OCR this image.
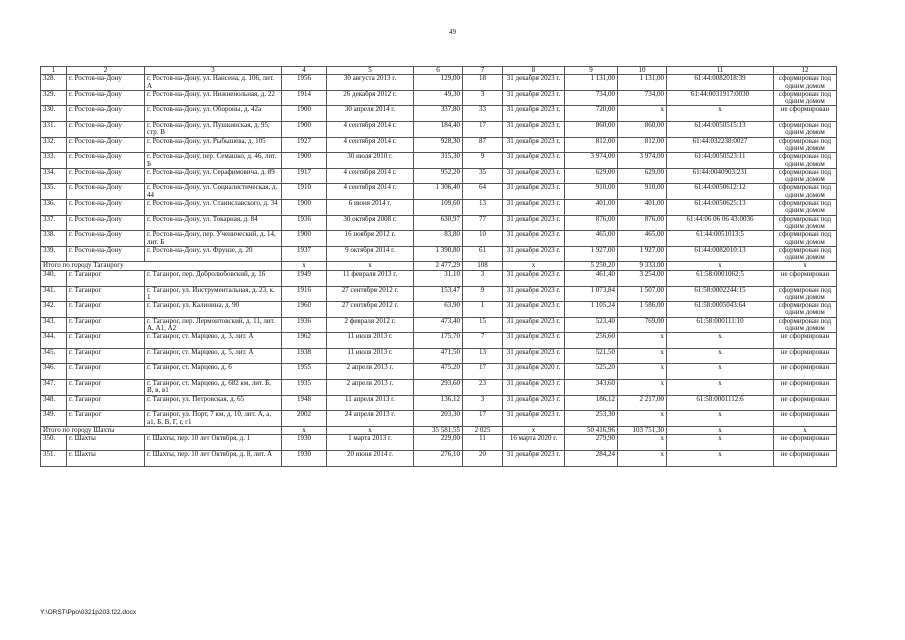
49
1	2	3	4	5	6	7	8	9	10	11	12
328.	г. Ростов-на-Дону	г. Ростов-на-Дону, ул. Нансена, д. 106, лит. А	1956	30 августа 2013 г.	129,00	18	31 декабря 2023 г.	1 131,00	1 131,00	61:44:0082018:39	сформирован под одним домом
329.	г. Ростов-на-Дону	г. Ростов-на-Дону, ул. Нижненольная, д. 22	1914	26 декабря 2012 г.	49,30	3	31 декабря 2023 г.	734,00	734,00	61:44:0031917:0030	сформирован под одним домом
330.	г. Ростов-на-Дону	г. Ростов-на-Дону, ул. Обороны, д. 42а	1900	30 апреля 2014 г.	337,80	33	31 декабря 2023 г.	720,00	х	х	не сформирован
331.	г. Ростов-на-Дону	г. Ростов-на-Дону, ул. Пушкинская, д. 95, стр. В	1900	4 сентября 2014 г.	184,40	17	31 декабря 2023 г.	860,00	860,00	61:44:0050515:13	сформирован под одним домом
332.	г. Ростов-на-Дону	г. Ростов-на-Дону, ул. Рыбышева, д. 105	1927	4 сентября 2014 г.	928,30	87	31 декабря 2023 г.	812,00	812,00	61:44:032238:0027	сформирован под одним домом
333.	г. Ростов-на-Дону	г. Ростов-на-Дону, пер. Семашко, д. 46, лит. Б	1900	30 июля 2010 г.	315,30	9	31 декабря 2023 г.	3 974,00	3 974,00	61:44:0050523:11	сформирован под одним домом
334.	г. Ростов-на-Дону	г. Ростов-на-Дону, ул. Серафимовича, д. 89	1917	4 сентября 2014 г.	952,20	35	31 декабря 2023 г.	629,00	629,00	61:44:0040903:231	сформирован под одним домом
335.	г. Ростов-на-Дону	г. Ростов-на-Дону, ул. Социалистическая, д. 44	1910	4 сентября 2014 г.	1 306,40	64	31 декабря 2023 г.	910,00	910,00	61:44:0050612:12	сформирован под одним домом
336.	г. Ростов-на-Дону	г. Ростов-на-Дону, ул. Станиславского, д. 34	1900	6 июня 2014 г.	109,60	13	31 декабря 2023 г.	401,00	401,00	61:44:0050625:13	сформирован под одним домом
337.	г. Ростов-на-Дону	г. Ростов-на-Дону, ул. Токарная, д. 84	1936	30 октября 2008 г.	630,97	77	31 декабря 2023 г.	876,00	876,00	61:44:06 06 06 43:0036	сформирован под одним домом
338.	г. Ростов-на-Дону	г. Ростов-на-Дону, пер. Ученический, д. 14, лит. Б	1900	16 ноября 2012 г.	83,80	10	31 декабря 2023 г.	465,00	465,00	61:44:0051013:5	сформирован под одним домом
339.	г. Ростов-на-Дону	г. Ростов-на-Дону, ул. Фрунзе, д. 20	1937	9 октября 2014 г.	1 390,80	61	31 декабря 2023 г.	1 927,00	1 927,00	61:44:0082010:13	сформирован под одним домом
Итого по городу Таганрогу			х	х	2 477,29	108	х	5 250,20	9 333,00	х	х
340.	г. Таганрог	г. Таганрог, пер. Добролюбовский, д. 16	1949	11 февраля 2013 г.	31,10	3	31 декабря 2023 г.	461,40	3 254,00	61:58:0001062:5	не сформирован
341.	г. Таганрог	г. Таганрог, ул. Инструментальная, д. 23, к. 1	1916	27 сентября 2012 г.	153,47	9	31 декабря 2023 г.	1 073,84	1 507,00	61:58:0002244:15	сформирован под одним домом
342.	г. Таганрог	г. Таганрог, ул. Калинина, д. 90	1960	27 сентября 2012 г.	63,90	1	31 декабря 2023 г.	1 105,24	1 586,00	61:58:0005043:64	сформирован под одним домом
343.	г. Таганрог	г. Таганрог, пер. Лермонтовский, д. 11, лит. А, А1, А2	1936	2 февраля 2012 г.	473,40	15	31 декабря 2023 г.	523,40	769,00	61:58:000111:10	сформирован под одним домом
344.	г. Таганрог	г. Таганрог, ст. Марцево, д. 3, лит. А	1962	11 июля 2013 г.	175,70	7	31 декабря 2023 г.	256,60	х	х	не сформирован
345.	г. Таганрог	г. Таганрог, ст. Марцево, д. 5, лит. А	1938	11 июля 2013 г.	471,50	13	31 декабря 2023 г.	521,50	х	х	не сформирован
346.	г. Таганрог	г. Таганрог, ст. Марцево, д. 6	1955	2 апреля 2013 г.	475,20	17	31 декабря 2020 г.	525,20	х	х	не сформирован
347.	г. Таганрог	г. Таганрог, ст. Марцево, д. 682 км, лит. Б, В, в, в1	1935	2 апреля 2013 г.	293,60	23	31 декабря 2023 г.	343,60	х	х	не сформирован
348.	г. Таганрог	г. Таганрог, ул. Петровская, д. 65	1948	11 апреля 2013 г.	136,12	3	31 декабря 2023 г.	186,12	2 217,00	61:58:0001112:6	не сформирован
349.	г. Таганрог	г. Таганрог, ул. Порт, 7 км, д. 10, лит. А, а, а1, Б, В, Г, г, г1	2002	24 апреля 2013 г.	203,30	17	31 декабря 2023 г.	253,30	х	х	не сформирован
Итого по городу Шахты			х	х	35 581,55	2 025	х	50 416,96	103 751,30	х	х
350.	г. Шахты	г. Шахты, пер. 10 лет Октября, д. 1	1930	1 марта 2013 г.	229,00	11	16 марта 2020 г.	279,90	х	х	не сформирован
351.	г. Шахты	г. Шахты, пер. 10 лет Октября, д. 8, лит. А	1930	20 июня 2014 г.	276,10	20	31 декабря 2023 г.	284,24	х	х	не сформирован
Y:\ORST\Ppo\0321p203.f22.docx
